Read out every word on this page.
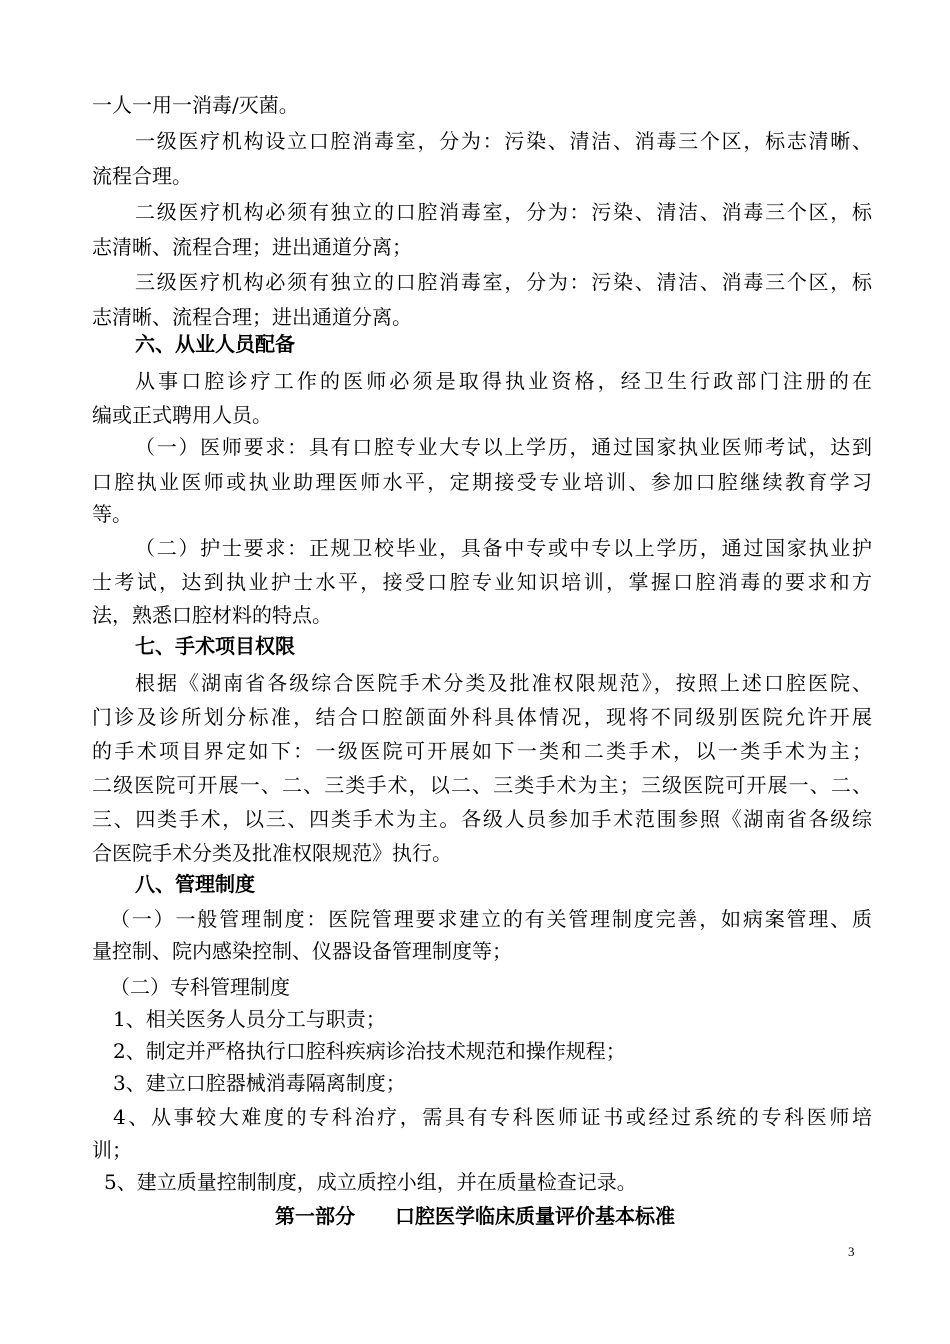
一人一用一消毒/灭菌。
一级医疗机构设立口腔消毒室，分为：污染、清洁、消毒三个区，标志清晰、
流程合理。
二级医疗机构必须有独立的口腔消毒室，分为：污染、清洁、消毒三个区，标
志清晰、流程合理；进出通道分离；
三级医疗机构必须有独立的口腔消毒室，分为：污染、清洁、消毒三个区，标
志清晰、流程合理；进出通道分离。
六、从业人员配备
从事口腔诊疗工作的医师必须是取得执业资格，经卫生行政部门注册的在
编或正式聘用人员。
（一）医师要求：具有口腔专业大专以上学历，通过国家执业医师考试，达到
口腔执业医师或执业助理医师水平，定期接受专业培训、参加口腔继续教育学习
等。
（二）护士要求：正规卫校毕业，具备中专或中专以上学历，通过国家执业护
士考试，达到执业护士水平，接受口腔专业知识培训，掌握口腔消毒的要求和方
法，熟悉口腔材料的特点。
七、手术项目权限
根据《湖南省各级综合医院手术分类及批准权限规范》，按照上述口腔医院、
门诊及诊所划分标准，结合口腔颌面外科具体情况，现将不同级别医院允许开展
的手术项目界定如下：一级医院可开展如下一类和二类手术，以一类手术为主；
二级医院可开展一、二、三类手术，以二、三类手术为主；三级医院可开展一、二、
三、四类手术，以三、四类手术为主。各级人员参加手术范围参照《湖南省各级综
合医院手术分类及批准权限规范》执行。
八、管理制度
（一）一般管理制度：医院管理要求建立的有关管理制度完善，如病案管理、质
量控制、院内感染控制、仪器设备管理制度等；
（二）专科管理制度
1、相关医务人员分工与职责；
2、制定并严格执行口腔科疾病诊治技术规范和操作规程；
3、建立口腔器械消毒隔离制度；
4、从事较大难度的专科治疗，需具有专科医师证书或经过系统的专科医师培
训；
5、建立质量控制制度，成立质控小组，并在质量检查记录。
第一部分　　口腔医学临床质量评价基本标准
3
